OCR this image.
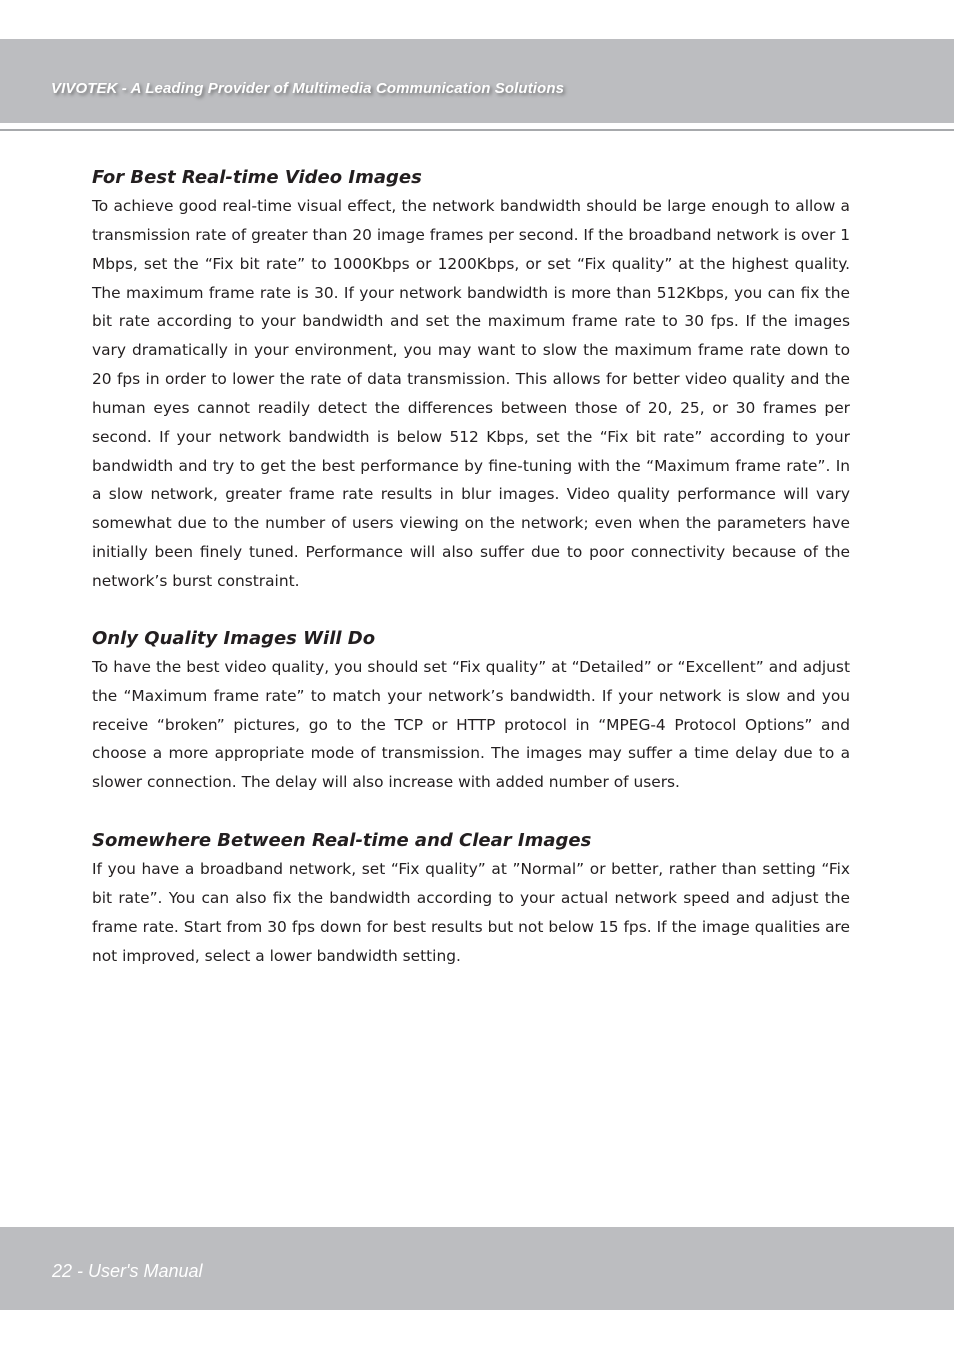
VIVOTEK - A Leading Provider of Multimedia Communication Solutions
For Best Real-time Video Images

To achieve good real-time visual effect, the network bandwidth should be large enough to allow a transmission rate of greater than 20 image frames per second. If the broadband network is over 1 Mbps, set the “Fix bit rate” to 1000Kbps or 1200Kbps, or set “Fix quality” at the highest quality. The maximum frame rate is 30. If your network bandwidth is more than 512Kbps, you can fix the bit rate according to your bandwidth and set the maximum frame rate to 30 fps. If the images vary dramatically in your environment, you may want to slow the maximum frame rate down to 20 fps in order to lower the rate of data transmission. This allows for better video quality and the human eyes cannot readily detect the differences between those of 20, 25, or 30 frames per second. If your network bandwidth is below 512 Kbps, set the “Fix bit rate” according to your bandwidth and try to get the best performance by fine-tuning with the “Maximum frame rate”. In a slow network, greater frame rate results in blur images. Video quality performance will vary somewhat due to the number of users viewing on the network; even when the parameters have initially been finely tuned. Performance will also suffer due to poor connectivity because of the network’s burst constraint.

Only Quality Images Will Do

To have the best video quality, you should set “Fix quality” at “Detailed” or “Excellent” and adjust the “Maximum frame rate” to match your network’s bandwidth. If your network is slow and you receive “broken” pictures, go to the TCP or HTTP protocol in “MPEG-4 Protocol Options” and choose a more appropriate mode of transmission. The images may suffer a time delay due to a slower connection. The delay will also increase with added number of users.

Somewhere Between Real-time and Clear Images

If you have a broadband network, set “Fix quality” at ”Normal” or better, rather than setting “Fix bit rate”. You can also fix the bandwidth according to your actual network speed and adjust the frame rate. Start from 30 fps down for best results but not below 15 fps. If the image qualities are not improved, select a lower bandwidth setting.

22 - User's Manual
